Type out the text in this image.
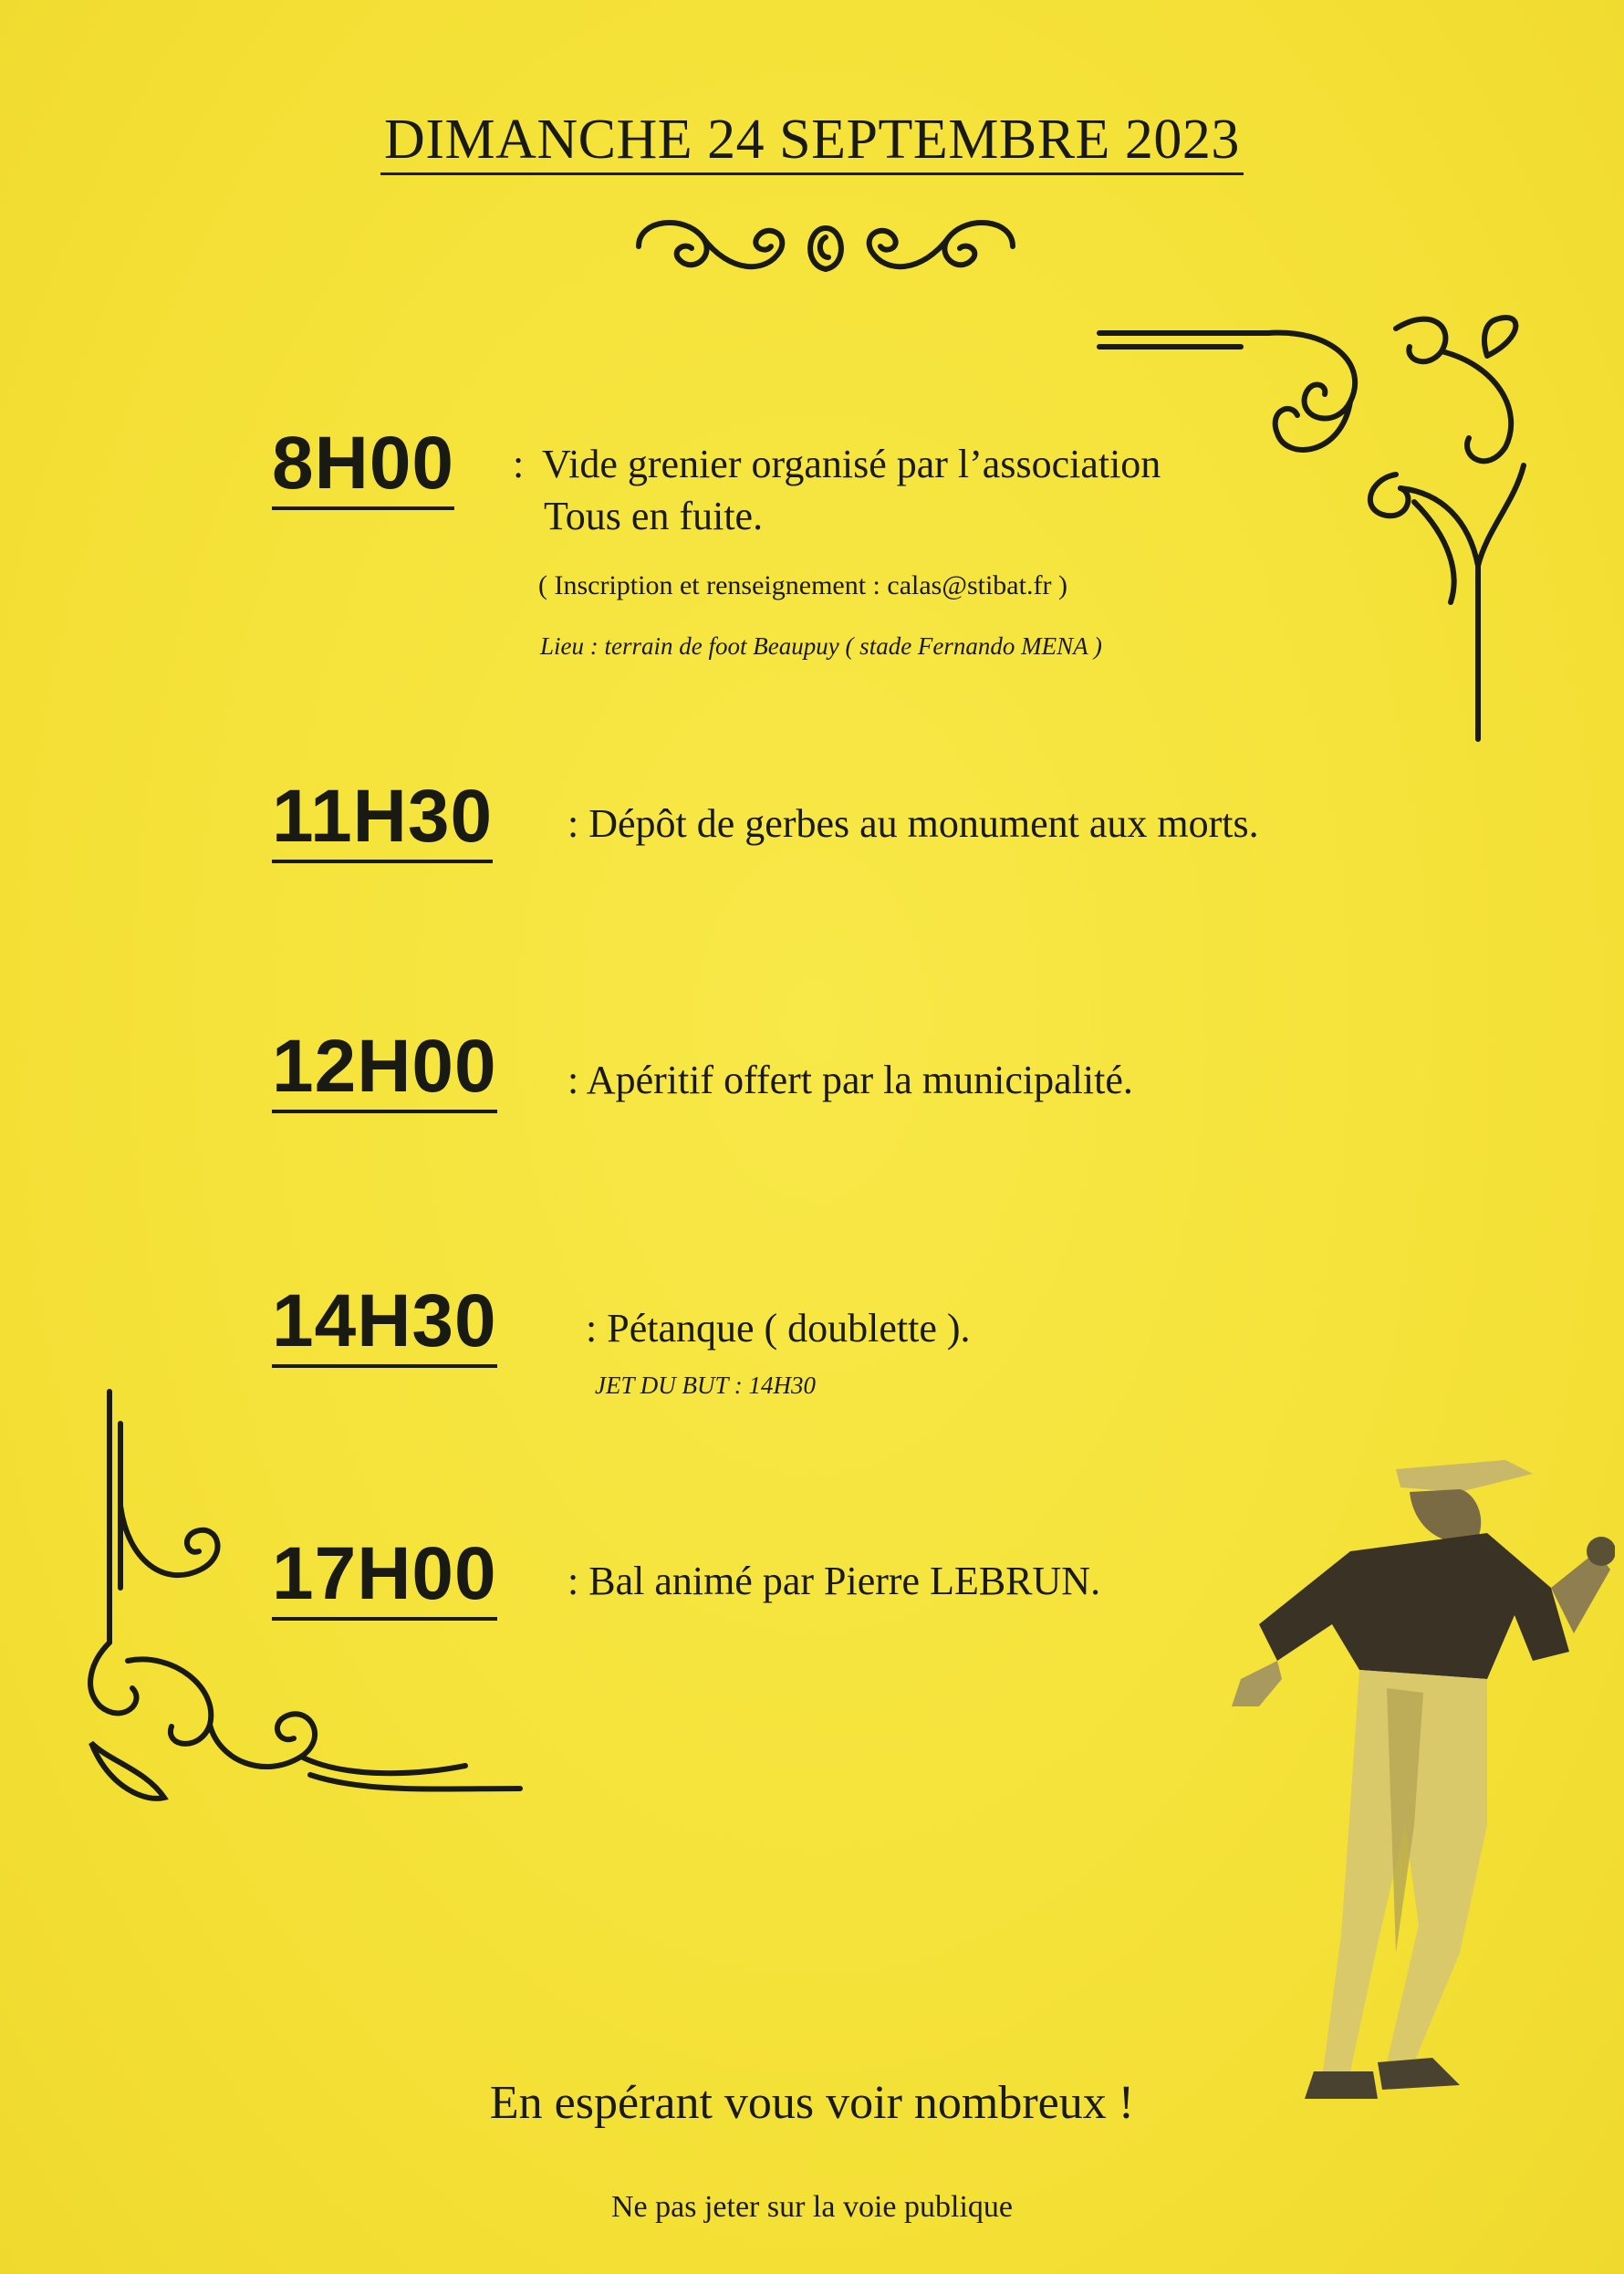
DIMANCHE 24 SEPTEMBRE 2023
8H00 : Vide grenier organisé par l’association
Tous en fuite.
( Inscription et renseignement : calas@stibat.fr )
Lieu : terrain de foot Beaupuy ( stade Fernando MENA )
11H30 : Dépôt de gerbes au monument aux morts.
12H00 : Apéritif offert par la municipalité.
14H30 : Pétanque ( doublette ).
JET DU BUT : 14H30
17H00 : Bal animé par Pierre LEBRUN.
En espérant vous voir nombreux !
Ne pas jeter sur la voie publique
